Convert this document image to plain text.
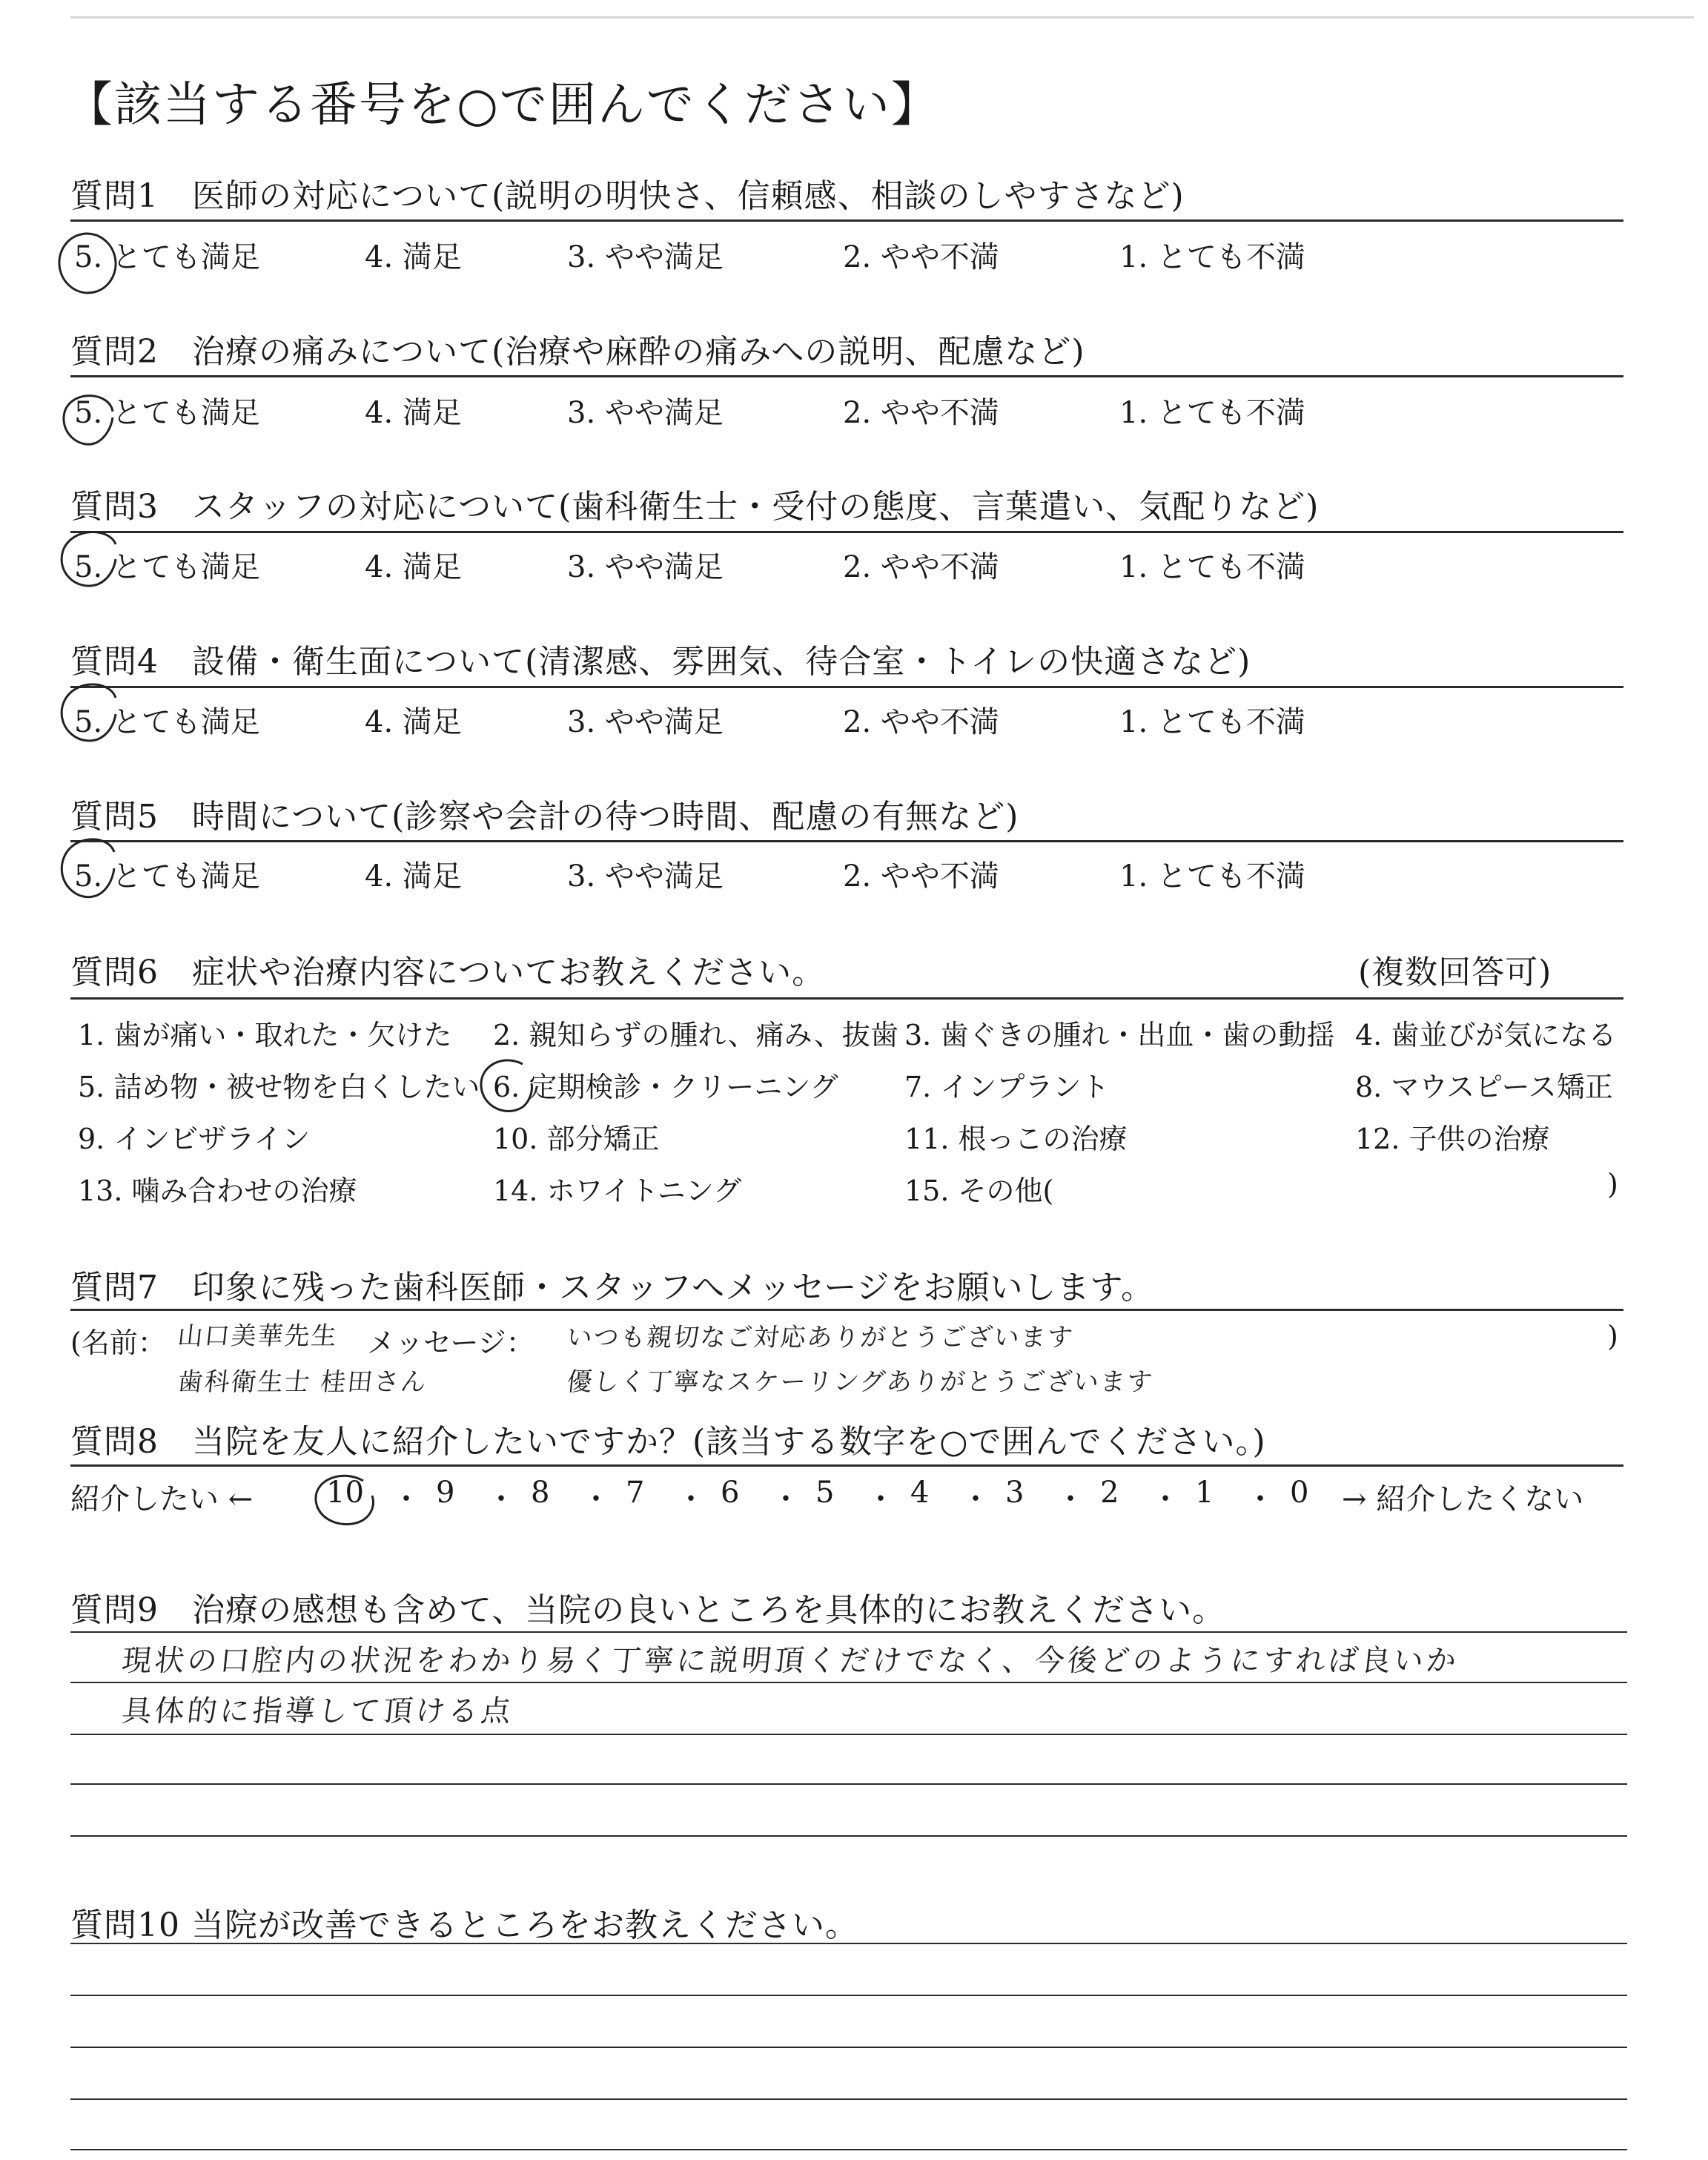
【該当する番号を○で囲んでください】
質問1　医師の対応について(説明の明快さ、信頼感、相談のしやすさなど)
5. とても満足	4. 満足	3. やや満足	2. やや不満	1. とても不満
質問2　治療の痛みについて(治療や麻酔の痛みへの説明、配慮など)
5. とても満足	4. 満足	3. やや満足	2. やや不満	1. とても不満
質問3　スタッフの対応について(歯科衛生士・受付の態度、言葉遣い、気配りなど)
5. とても満足	4. 満足	3. やや満足	2. やや不満	1. とても不満
質問4　設備・衛生面について(清潔感、雰囲気、待合室・トイレの快適さなど)
5. とても満足	4. 満足	3. やや満足	2. やや不満	1. とても不満
質問5　時間について(診察や会計の待つ時間、配慮の有無など)
5. とても満足	4. 満足	3. やや満足	2. やや不満	1. とても不満
質問6　症状や治療内容についてお教えください。	(複数回答可)
1. 歯が痛い・取れた・欠けた 2. 親知らずの腫れ、痛み、抜歯 3. 歯ぐきの腫れ・出血・歯の動揺 4. 歯並びが気になる
5. 詰め物・被せ物を白くしたい 6. 定期検診・クリーニング 7. インプラント	8. マウスピース矯正
9. インビザライン	10. 部分矯正	11. 根っこの治療	12. 子供の治療
13. 噛み合わせの治療	14. ホワイトニング	15. その他(	)
質問7　印象に残った歯科医師・スタッフへメッセージをお願いします。
(名前： 山口美華先生
歯科衛生士 桂田さん
メッセージ： いつも親切なご対応ありがとうございます
優しく丁寧なスケーリングありがとうございます
)
質問8　当院を友人に紹介したいですか？(該当する数字を○で囲んでください。)
紹介したい ← 10 ・ 9 ・ 8 ・ 7 ・ 6 ・ 5 ・ 4 ・ 3 ・ 2 ・ 1 ・ 0 → 紹介したくない
質問9　治療の感想も含めて、当院の良いところを具体的にお教えください。
現状の口腔内の状況をわかり易く丁寧に説明頂くだけでなく、今後どのようにすれば良いか
具体的に指導して頂ける点
質問10 当院が改善できるところをお教えください。
